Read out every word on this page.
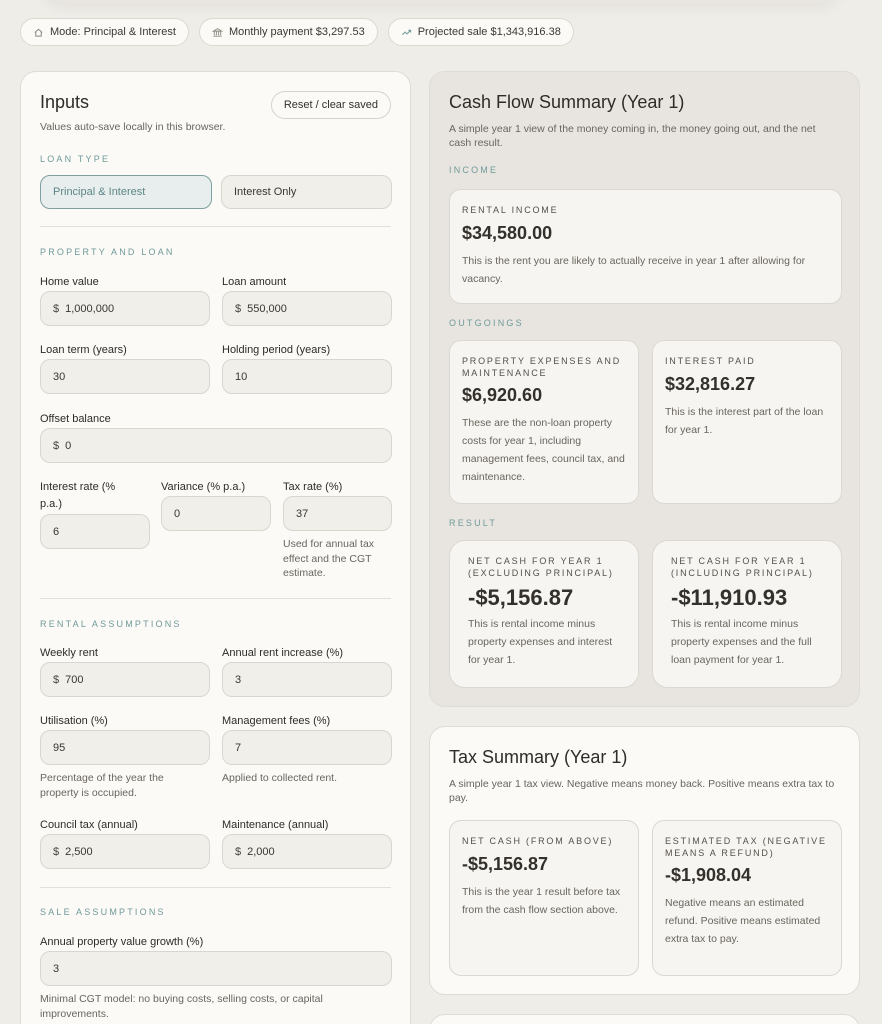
Mode: Principal & Interest	Monthly payment $3,297.53	Projected sale $1,343,916.38
Inputs
Values auto-save locally in this browser.
Reset / clear saved
LOAN TYPE
Principal & Interest	Interest Only
PROPERTY AND LOAN
Home value
$ 1,000,000
Loan amount
$ 550,000
Loan term (years)
30
Holding period (years)
10
Offset balance
$ 0
Interest rate (% p.a.)
6
Variance (% p.a.)
0
Tax rate (%)
37
Used for annual tax effect and the CGT estimate.
RENTAL ASSUMPTIONS
Weekly rent
$ 700
Annual rent increase (%)
3
Utilisation (%)
95
Percentage of the year the property is occupied.
Management fees (%)
7
Applied to collected rent.
Council tax (annual)
$ 2,500
Maintenance (annual)
$ 2,000
SALE ASSUMPTIONS
Annual property value growth (%)
3
Minimal CGT model: no buying costs, selling costs, or capital improvements.
Cash Flow Summary (Year 1)
A simple year 1 view of the money coming in, the money going out, and the net cash result.
INCOME
RENTAL INCOME
$34,580.00
This is the rent you are likely to actually receive in year 1 after allowing for vacancy.
OUTGOINGS
PROPERTY EXPENSES AND MAINTENANCE
$6,920.60
These are the non-loan property costs for year 1, including management fees, council tax, and maintenance.
INTEREST PAID
$32,816.27
This is the interest part of the loan for year 1.
RESULT
NET CASH FOR YEAR 1 (EXCLUDING PRINCIPAL)
-$5,156.87
This is rental income minus property expenses and interest for year 1.
NET CASH FOR YEAR 1 (INCLUDING PRINCIPAL)
-$11,910.93
This is rental income minus property expenses and the full loan payment for year 1.
Tax Summary (Year 1)
A simple year 1 tax view. Negative means money back. Positive means extra tax to pay.
NET CASH (FROM ABOVE)
-$5,156.87
This is the year 1 result before tax from the cash flow section above.
ESTIMATED TAX (NEGATIVE MEANS A REFUND)
-$1,908.04
Negative means an estimated refund. Positive means estimated extra tax to pay.
